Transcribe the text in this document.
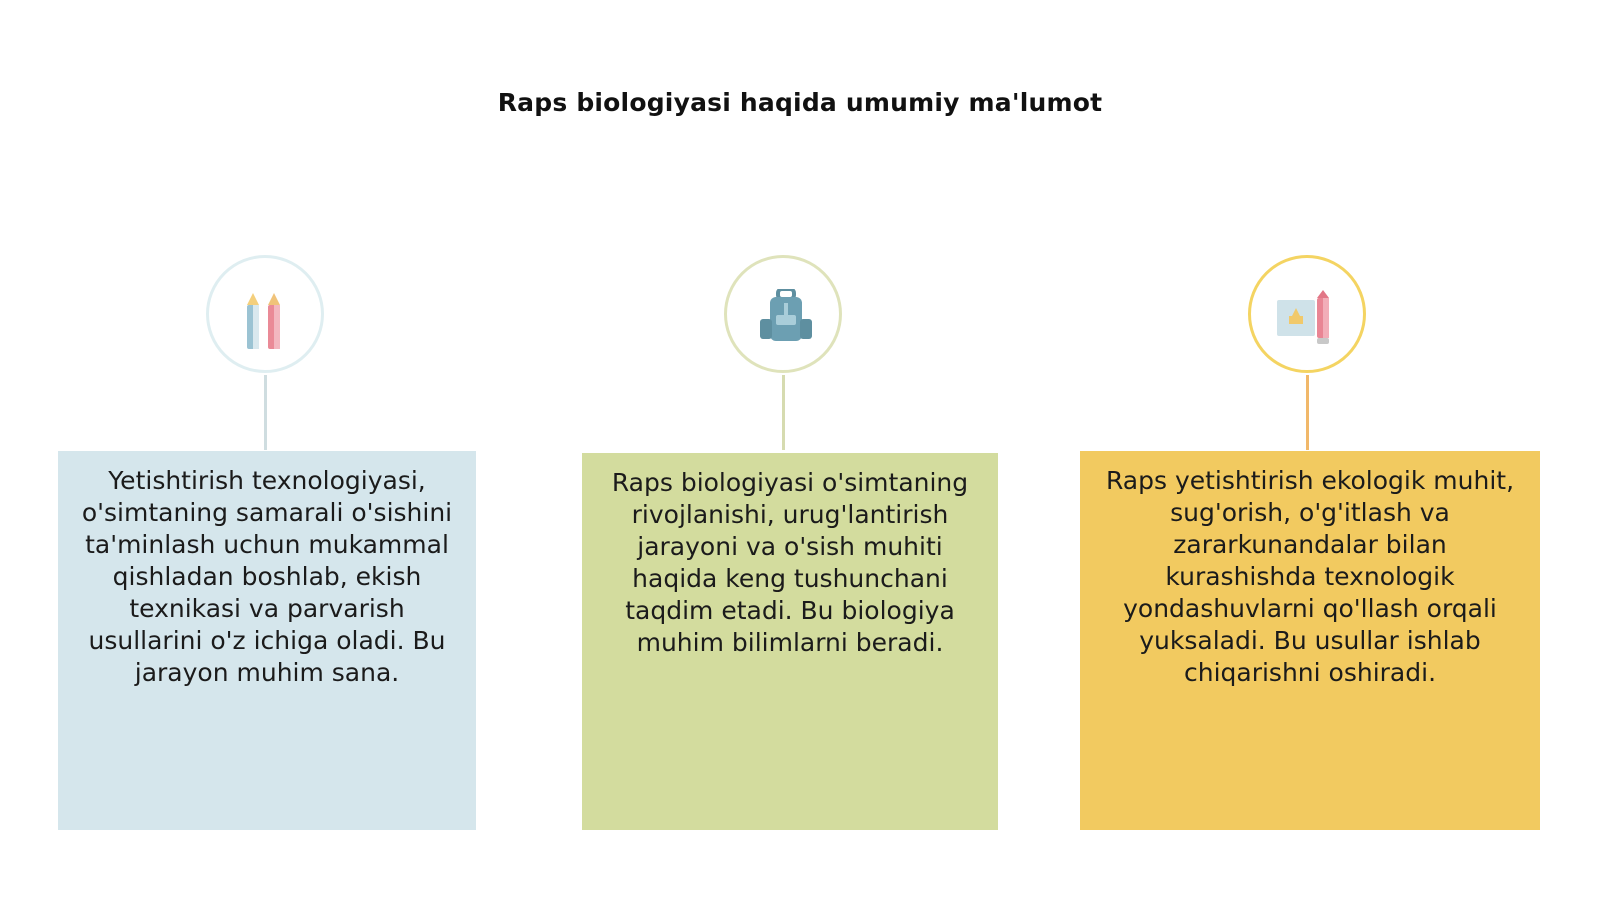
Raps biologiyasi haqida umumiy ma'lumot
Yetishtirish texnologiyasi, o'simtaning samarali o'sishini ta'minlash uchun mukammal qishladan boshlab, ekish texnikasi va parvarish usullarini o'z ichiga oladi. Bu jarayon muhim sana.
Raps biologiyasi o'simtaning rivojlanishi, urug'lantirish jarayoni va o'sish muhiti haqida keng tushunchani taqdim etadi. Bu biologiya muhim bilimlarni beradi.
Raps yetishtirish ekologik muhit, sug'orish, o'g'itlash va zararkunandalar bilan kurashishda texnologik yondashuvlarni qo'llash orqali yuksaladi. Bu usullar ishlab chiqarishni oshiradi.
